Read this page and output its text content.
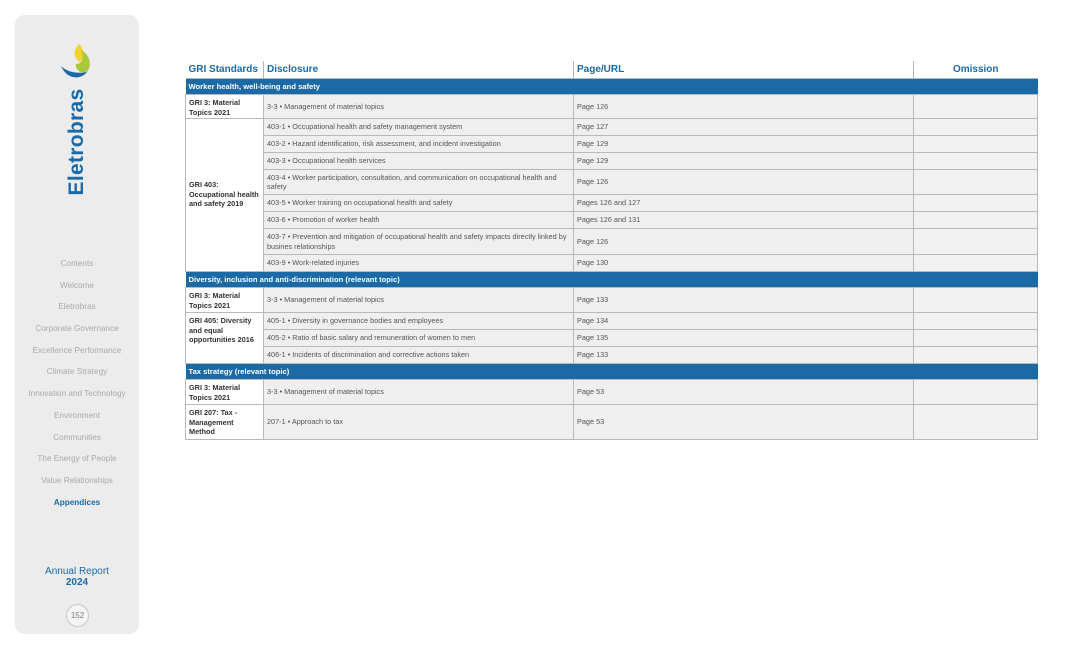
Eletrobras
Contents
Welcome
Eletrobras
Corporate Governance
Excellence Performance
Climate Strategy
Innovation and Technology
Environment
Communities
The Energy of People
Value Relationships
Appendices
Annual Report
2024
152
GRI Standards	Disclosure	Page/URL	Omission
Worker health, well-being and safety			
GRI 3: Material Topics 2021	3-3 • Management of material topics	Page 126	
GRI 403: Occupational health and safety 2019	403-1 • Occupational health and safety management system	Page 127	
	403-2 • Hazard identification, risk assessment, and incident investigation	Page 129	
	403-3 • Occupational health services	Page 129	
	403-4 • Worker participation, consultation, and communication on occupational health and safety	Page 126	
	403-5 • Worker training on occupational health and safety	Pages 126 and 127	
	403-6 • Promotion of worker health	Pages 126 and 131	
	403-7 • Prevention and mitigation of occupational health and safety impacts directly linked by busines relationships	Page 126	
	403-9 • Work-related injuries	Page 130	
Diversity, inclusion and anti-discrimination (relevant topic)			
GRI 3: Material Topics 2021	3-3 • Management of material topics	Page 133	
GRI 405: Diversity and equal opportunities 2016	405-1 • Diversity in governance bodies and employees	Page 134	
	405-2 • Ratio of basic salary and remuneration of women to men	Page 135	
	406-1 • Incidents of discrimination and corrective actions taken	Page 133	
Tax strategy (relevant topic)			
GRI 3: Material Topics 2021	3-3 • Management of material topics	Page 53	
GRI 207: Tax - Management Method	207-1 • Approach to tax	Page 53	
